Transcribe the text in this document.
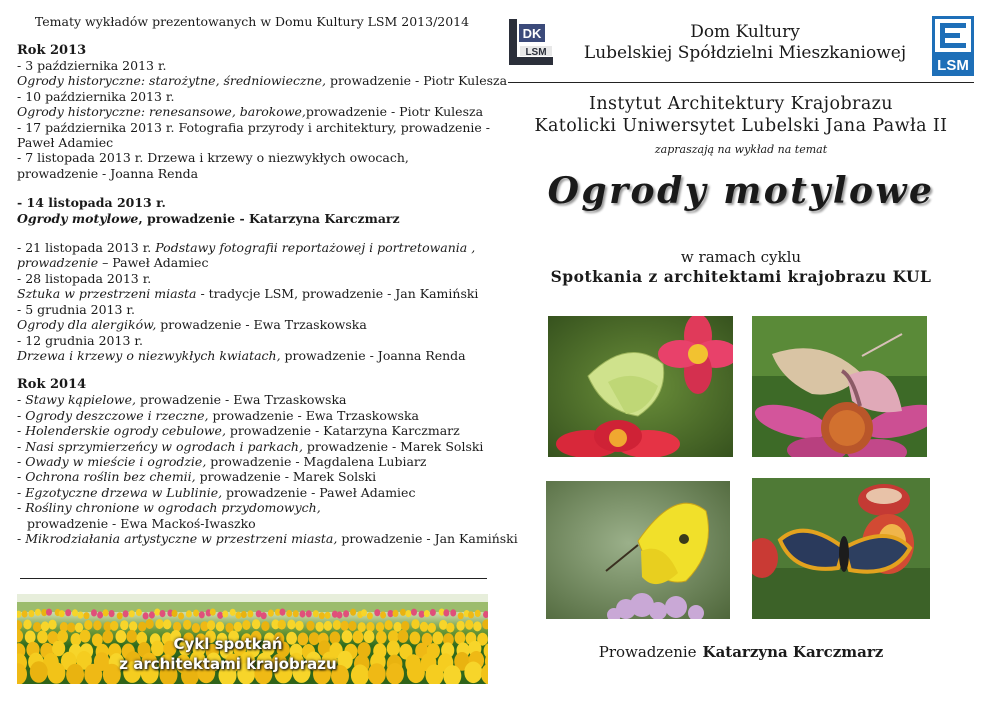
Tematy wykładów prezentowanych w Domu Kultury LSM 2013/2014
Rok 2013
- 3 października 2013 r.
Ogrody historyczne: starożytne, średniowieczne, prowadzenie - Piotr Kulesza
- 10 października 2013 r.
Ogrody historyczne: renesansowe, barokowe,prowadzenie - Piotr Kulesza
- 17 października 2013 r. Fotografia przyrody i architektury, prowadzenie -
Paweł Adamiec
- 7 listopada 2013 r. Drzewa i krzewy o niezwykłych owocach,
prowadzenie - Joanna Renda
- 14 listopada 2013 r.
Ogrody motylowe, prowadzenie - Katarzyna Karczmarz
- 21 listopada 2013 r. Podstawy fotografii reportażowej i portretowania ,
prowadzenie – Paweł Adamiec
- 28 listopada 2013 r.
Sztuka w przestrzeni miasta - tradycje LSM, prowadzenie - Jan Kamiński
- 5 grudnia 2013 r.
Ogrody dla alergików, prowadzenie - Ewa Trzaskowska
- 12 grudnia 2013 r.
Drzewa i krzewy o niezwykłych kwiatach, prowadzenie - Joanna Renda
Rok 2014
- Stawy kąpielowe, prowadzenie - Ewa Trzaskowska
- Ogrody deszczowe i rzeczne, prowadzenie - Ewa Trzaskowska
- Holenderskie ogrody cebulowe, prowadzenie - Katarzyna Karczmarz
- Nasi sprzymierzeńcy w ogrodach i parkach, prowadzenie - Marek Solski
- Owady w mieście i ogrodzie, prowadzenie - Magdalena Lubiarz
- Ochrona roślin bez chemii, prowadzenie - Marek Solski
- Egzotyczne drzewa w Lublinie, prowadzenie - Paweł Adamiec
- Rośliny chronione w ogrodach przydomowych,
prowadzenie - Ewa Mackoś-Iwaszko
- Mikrodziałania artystyczne w przestrzeni miasta, prowadzenie - Jan Kamiński
Cykl spotkań
z architektami krajobrazu
DK
LSM
Dom Kultury
Lubelskiej Spółdzielni Mieszkaniowej
LSM
Instytut Architektury Krajobrazu
Katolicki Uniwersytet Lubelski Jana Pawła II
zapraszają na wykład na temat
Ogrody motylowe
w ramach cyklu
Spotkania z architektami krajobrazu KUL
Prowadzenie Katarzyna Karczmarz
